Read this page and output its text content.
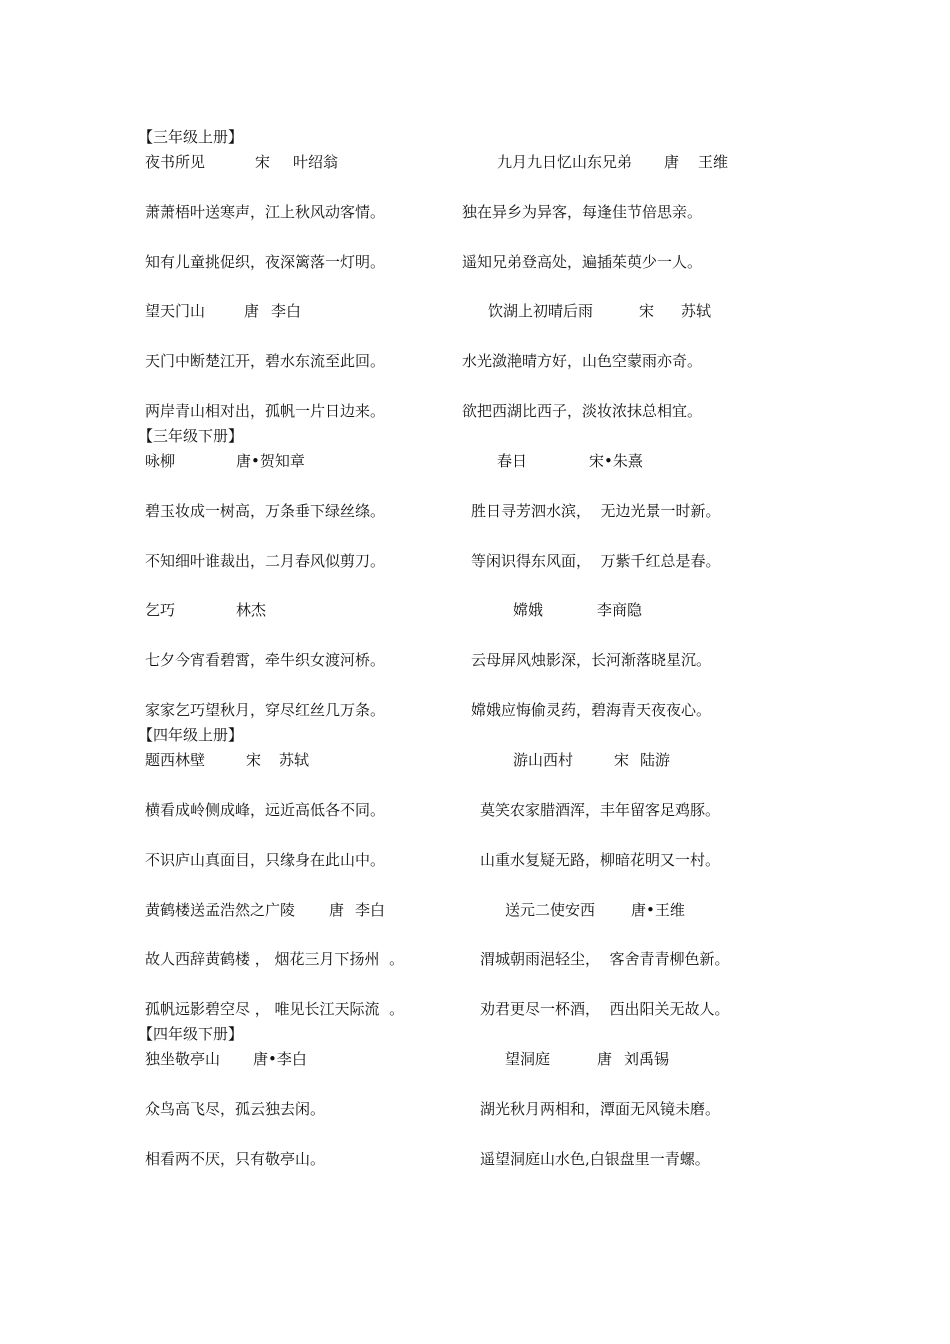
【三年级上册】
夜书所见	宋 叶绍翁	九月九日忆山东兄弟 唐 王维
萧萧梧叶送寒声，江上秋风动客情。	独在异乡为异客，每逢佳节倍思亲。
知有儿童挑促织，夜深篱落一灯明。	遥知兄弟登高处，遍插茱萸少一人。
望天门山	唐 李白	饮湖上初晴后雨	宋 苏轼
天门中断楚江开，碧水东流至此回。	水光潋滟晴方好，山色空蒙雨亦奇。
两岸青山相对出，孤帆一片日边来。	欲把西湖比西子，淡妆浓抹总相宜。
【三年级下册】
咏柳	唐•贺知章	春日	宋•朱熹
碧玉妆成一树高，万条垂下绿丝绦。	胜日寻芳泗水滨，  无边光景一时新。
不知细叶谁裁出，二月春风似剪刀。	等闲识得东风面，  万紫千红总是春。
乞巧	林杰	嫦娥	李商隐
七夕今宵看碧霄，牵牛织女渡河桥。	云母屏风烛影深，长河渐落晓星沉。
家家乞巧望秋月，穿尽红丝几万条。	嫦娥应悔偷灵药，碧海青天夜夜心。
【四年级上册】
题西林壁	宋 苏轼	游山西村	宋 陆游
横看成岭侧成峰，远近高低各不同。	莫笑农家腊酒浑，丰年留客足鸡豚。
不识庐山真面目，只缘身在此山中。	山重水复疑无路，柳暗花明又一村。
黄鹤楼送孟浩然之广陵 唐 李白	送元二使安西 唐•王维
故人西辞黄鹤楼 ， 烟花三月下扬州  。	渭城朝雨浥轻尘，  客舍青青柳色新。
孤帆远影碧空尽 ， 唯见长江天际流  。	劝君更尽一杯酒，  西出阳关无故人。
【四年级下册】
独坐敬亭山 唐•李白	望洞庭	唐 刘禹锡
众鸟高飞尽，孤云独去闲。	湖光秋月两相和，潭面无风镜未磨。
相看两不厌，只有敬亭山。	遥望洞庭山水色,白银盘里一青螺。
